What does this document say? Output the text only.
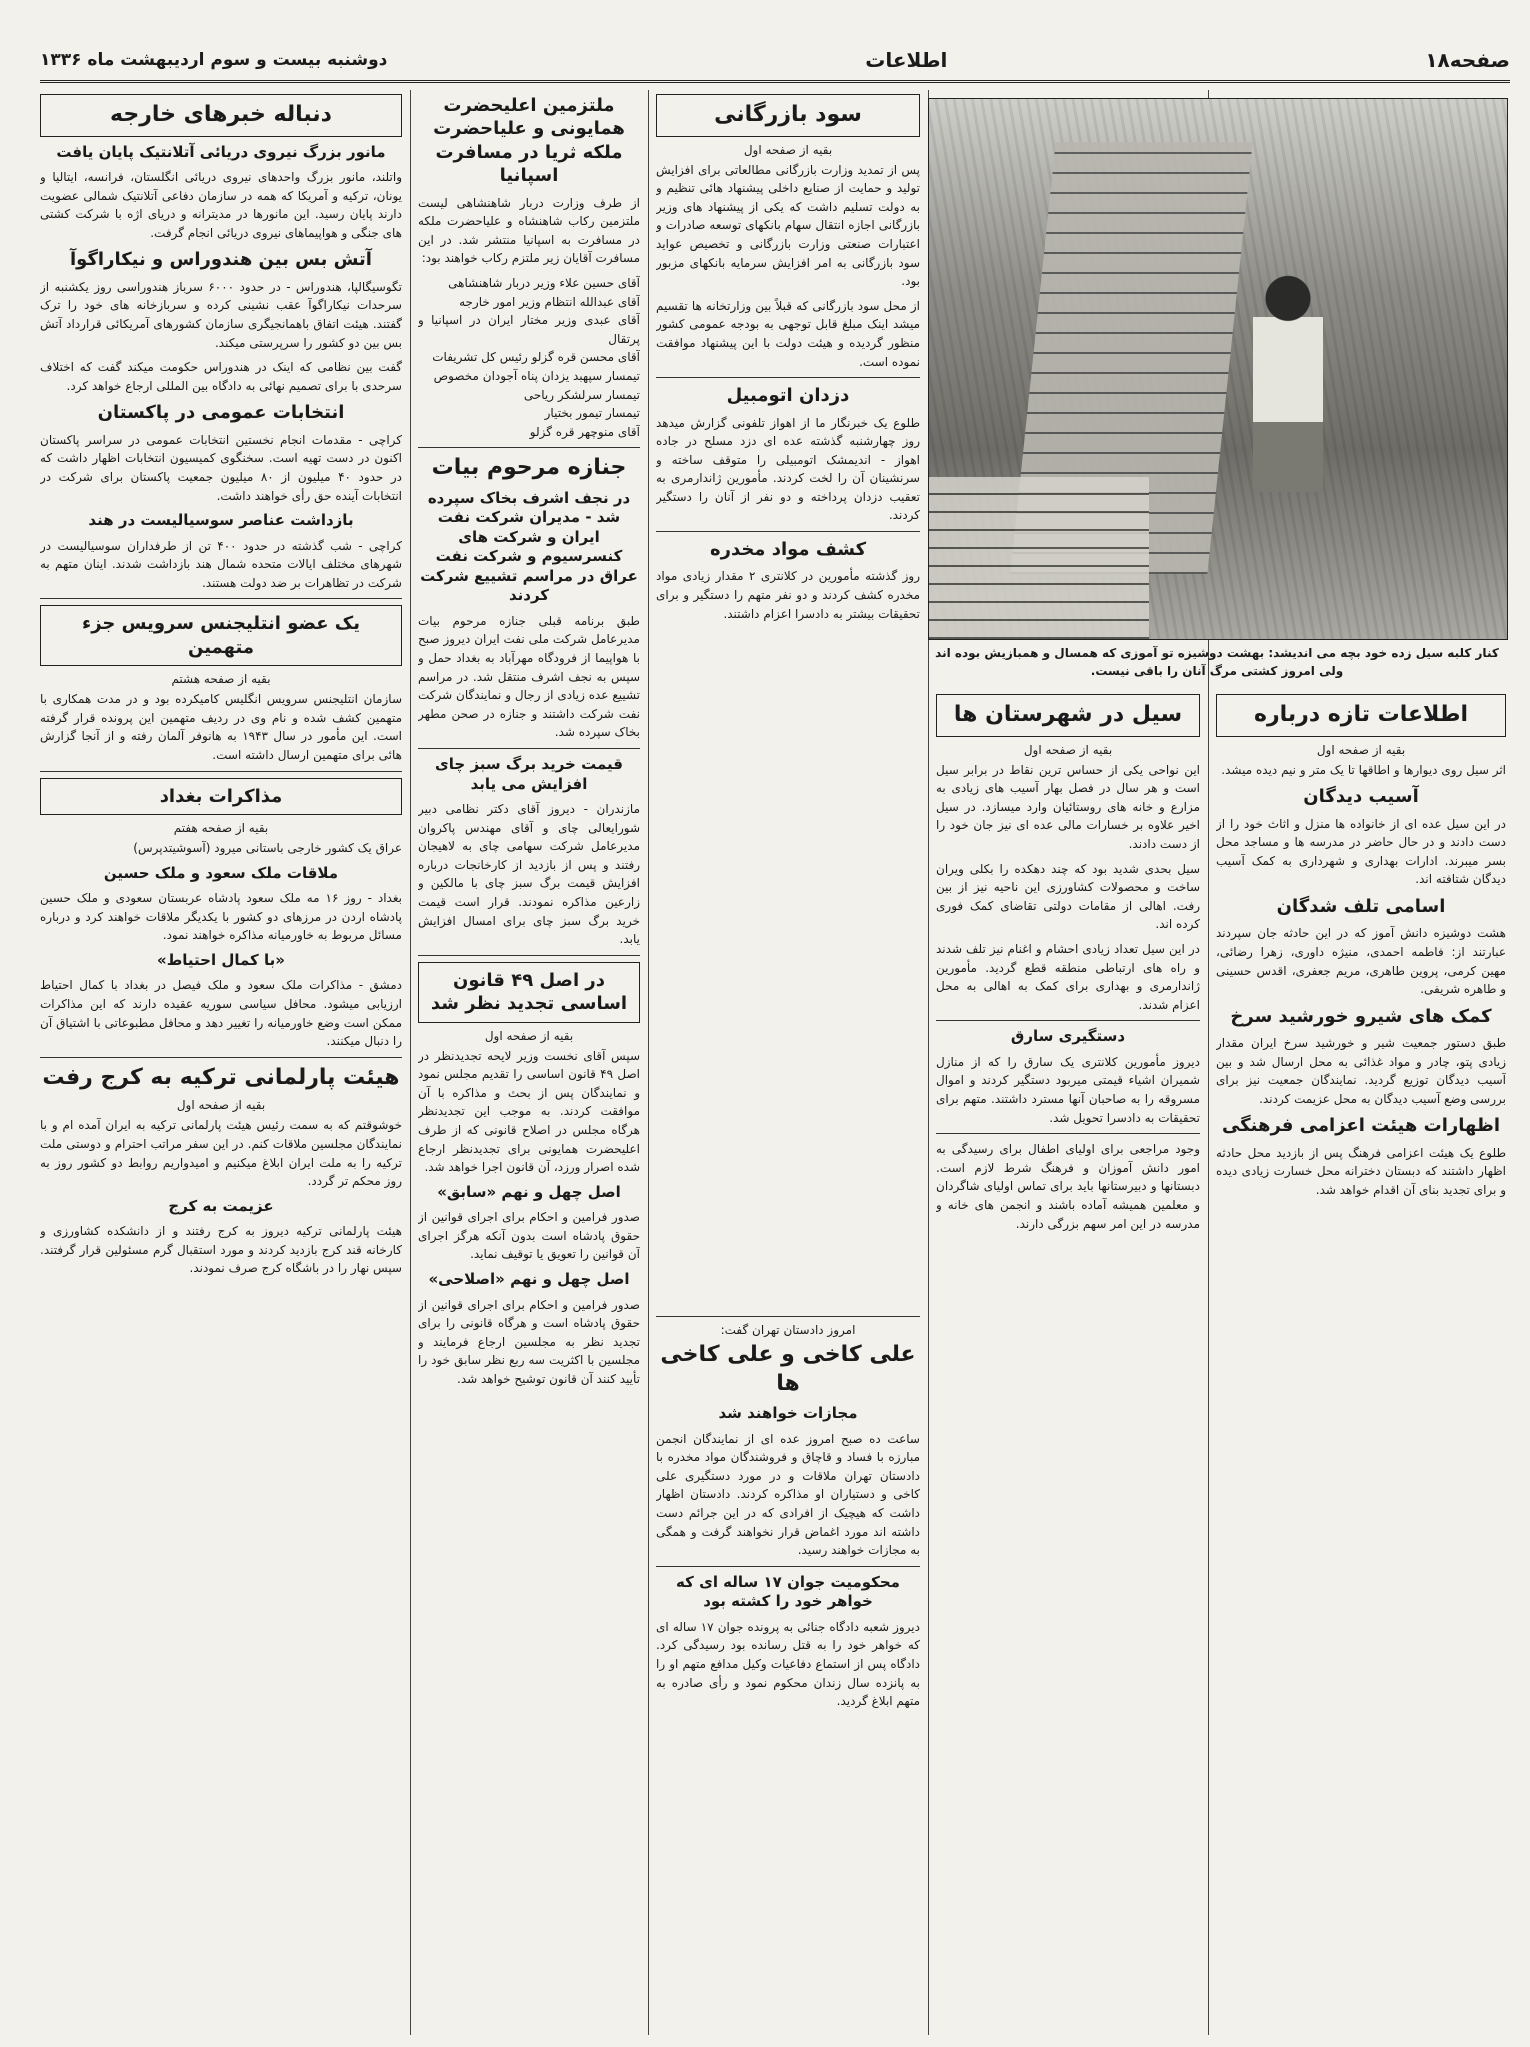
صفحه۱۸
اطلاعات
دوشنبه بیست و سوم اردیبهشت ماه ۱۳۳۶
کنار کلبه سیل زده خود بچه می اندیشد: بهشت دوشیزه تو آموزی که همسال و همبازیش بوده اند ولی امروز کشتی مرگ آنان را باقی نیست.
اطلاعات تازه درباره
بقیه از صفحه اول

اثر سیل روی دیوارها و اطاقها تا یک متر و نیم دیده میشد.

آسیب دیدگان

در این سیل عده ای از خانواده ها منزل و اثاث خود را از دست دادند و در حال حاضر در مدرسه ها و مساجد محل بسر میبرند. ادارات بهداری و شهرداری به کمک آسیب دیدگان شتافته اند.

اسامی تلف شدگان

هشت دوشیزه دانش آموز که در این حادثه جان سپردند عبارتند از: فاطمه احمدی، منیژه داوری، زهرا رضائی، مهین کرمی، پروین طاهری، مریم جعفری، اقدس حسینی و طاهره شریفی.

کمک های شیرو خورشید سرخ

طبق دستور جمعیت شیر و خورشید سرخ ایران مقدار زیادی پتو، چادر و مواد غذائی به محل ارسال شد و بین آسیب دیدگان توزیع گردید. نمایندگان جمعیت نیز برای بررسی وضع آسیب دیدگان به محل عزیمت کردند.

اظهارات هیئت اعزامی فرهنگی

طلوع یک هیئت اعزامی فرهنگ پس از بازدید محل حادثه اظهار داشتند که دبستان دخترانه محل خسارت زیادی دیده و برای تجدید بنای آن اقدام خواهد شد.

سیل در شهرستان ها
بقیه از صفحه اول

این نواحی یکی از حساس ترین نقاط در برابر سیل است و هر سال در فصل بهار آسیب های زیادی به مزارع و خانه های روستائیان وارد میسازد. در سیل اخیر علاوه بر خسارات مالی عده ای نیز جان خود را از دست دادند.

سیل بحدی شدید بود که چند دهکده را بکلی ویران ساخت و محصولات کشاورزی این ناحیه نیز از بین رفت. اهالی از مقامات دولتی تقاضای کمک فوری کرده اند.

در این سیل تعداد زیادی احشام و اغنام نیز تلف شدند و راه های ارتباطی منطقه قطع گردید. مأمورین ژاندارمری و بهداری برای کمک به اهالی به محل اعزام شدند.

دستگیری سارق

دیروز مأمورین کلانتری یک سارق را که از منازل شمیران اشیاء قیمتی میربود دستگیر کردند و اموال مسروقه را به صاحبان آنها مسترد داشتند. متهم برای تحقیقات به دادسرا تحویل شد.

وجود مراجعی برای اولیای اطفال برای رسیدگی به امور دانش آموزان و فرهنگ شرط لازم است. دبستانها و دبیرستانها باید برای تماس اولیای شاگردان و معلمین همیشه آماده باشند و انجمن های خانه و مدرسه در این امر سهم بزرگی دارند.

سود بازرگانی
بقیه از صفحه اول

پس از تمدید وزارت بازرگانی مطالعاتی برای افزایش تولید و حمایت از صنایع داخلی پیشنهاد هائی تنظیم و به دولت تسلیم داشت که یکی از پیشنهاد های وزیر بازرگانی اجازه انتقال سهام بانکهای توسعه صادرات و اعتبارات صنعتی وزارت بازرگانی و تخصیص عواید سود بازرگانی به امر افزایش سرمایه بانکهای مزبور بود.

از محل سود بازرگانی که قبلاً بین وزارتخانه ها تقسیم میشد اینک مبلغ قابل توجهی به بودجه عمومی کشور منظور گردیده و هیئت دولت با این پیشنهاد موافقت نموده است.

دزدان اتومبیل

طلوع یک خبرنگار ما از اهواز تلفونی گزارش میدهد روز چهارشنبه گذشته عده ای دزد مسلح در جاده اهواز - اندیمشک اتومبیلی را متوقف ساخته و سرنشینان آن را لخت کردند. مأمورین ژاندارمری به تعقیب دزدان پرداخته و دو نفر از آنان را دستگیر کردند.

کشف مواد مخدره

روز گذشته مأمورین در کلانتری ۲ مقدار زیادی مواد مخدره کشف کردند و دو نفر متهم را دستگیر و برای تحقیقات بیشتر به دادسرا اعزام داشتند.

امروز دادستان تهران گفت:
علی کاخی و علی کاخی ها
مجازات خواهند شد

ساعت ده صبح امروز عده ای از نمایندگان انجمن مبارزه با فساد و قاچاق و فروشندگان مواد مخدره با دادستان تهران ملاقات و در مورد دستگیری علی کاخی و دستیاران او مذاکره کردند. دادستان اظهار داشت که هیچیک از افرادی که در این جرائم دست داشته اند مورد اغماض قرار نخواهند گرفت و همگی به مجازات خواهند رسید.

محکومیت جوان ۱۷ ساله ای که خواهر خود را کشته بود

دیروز شعبه دادگاه جنائی به پرونده جوان ۱۷ ساله ای که خواهر خود را به قتل رسانده بود رسیدگی کرد. دادگاه پس از استماع دفاعیات وکیل مدافع متهم او را به پانزده سال زندان محکوم نمود و رأی صادره به متهم ابلاغ گردید.

ملتزمین اعلیحضرت همایونی و علیاحضرت ملکه ثریا در مسافرت اسپانیا

از طرف وزارت دربار شاهنشاهی لیست ملتزمین رکاب شاهنشاه و علیاحضرت ملکه در مسافرت به اسپانیا منتشر شد. در این مسافرت آقایان زیر ملتزم رکاب خواهند بود:

آقای حسین علاء وزیر دربار شاهنشاهی
آقای عبدالله انتظام وزیر امور خارجه
آقای عبدی وزیر مختار ایران در اسپانیا و پرتقال
آقای محسن قره گزلو رئیس کل تشریفات
تیمسار سپهبد یزدان پناه آجودان مخصوص
تیمسار سرلشکر ریاحی
تیمسار تیمور بختیار
آقای منوچهر قره گزلو
جنازه مرحوم بیات
در نجف اشرف بخاک سپرده شد - مدیران شرکت نفت ایران و شرکت های کنسرسیوم و شرکت نفت عراق در مراسم تشییع شرکت کردند

طبق برنامه قبلی جنازه مرحوم بیات مدیرعامل شرکت ملی نفت ایران دیروز صبح با هواپیما از فرودگاه مهرآباد به بغداد حمل و سپس به نجف اشرف منتقل شد. در مراسم تشییع عده زیادی از رجال و نمایندگان شرکت نفت شرکت داشتند و جنازه در صحن مطهر بخاک سپرده شد.

قیمت خرید برگ سبز چای افزایش می یابد

مازندران - دیروز آقای دکتر نظامی دبیر شورایعالی چای و آقای مهندس پاکروان مدیرعامل شرکت سهامی چای به لاهیجان رفتند و پس از بازدید از کارخانجات درباره افزایش قیمت برگ سبز چای با مالکین و زارعین مذاکره نمودند. قرار است قیمت خرید برگ سبز چای برای امسال افزایش یابد.

در اصل ۴۹ قانون اساسی تجدید نظر شد
بقیه از صفحه اول

سپس آقای نخست وزیر لایحه تجدیدنظر در اصل ۴۹ قانون اساسی را تقدیم مجلس نمود و نمایندگان پس از بحث و مذاکره با آن موافقت کردند. به موجب این تجدیدنظر هرگاه مجلس در اصلاح قانونی که از طرف اعلیحضرت همایونی برای تجدیدنظر ارجاع شده اصرار ورزد، آن قانون اجرا خواهد شد.

اصل چهل و نهم «سابق»

صدور فرامین و احکام برای اجرای قوانین از حقوق پادشاه است بدون آنکه هرگز اجرای آن قوانین را تعویق یا توقیف نماید.

اصل چهل و نهم «اصلاحی»

صدور فرامین و احکام برای اجرای قوانین از حقوق پادشاه است و هرگاه قانونی را برای تجدید نظر به مجلسین ارجاع فرمایند و مجلسین با اکثریت سه ربع نظر سابق خود را تأیید کنند آن قانون توشیح خواهد شد.

دنباله خبرهای خارجه
مانور بزرگ نیروی دریائی آتلانتیک پایان یافت

واتلند، مانور بزرگ واحدهای نیروی دریائی انگلستان، فرانسه، ایتالیا و یونان، ترکیه و آمریکا که همه در سازمان دفاعی آتلانتیک شمالی عضویت دارند پایان رسید. این مانورها در مدیترانه و دریای اژه با شرکت کشتی های جنگی و هواپیماهای نیروی دریائی انجام گرفت.

آتش بس بین هندوراس و نیکاراگوآ

تگوسیگالپا، هندوراس - در حدود ۶۰۰۰ سرباز هندوراسی روز یکشنبه از سرحدات نیکاراگوآ عقب نشینی کرده و سربازخانه های خود را ترک گفتند. هیئت اتفاق باهمانجیگری سازمان کشورهای آمریکائی قرارداد آتش بس بین دو کشور را سرپرستی میکند.

گفت بین نظامی که اینک در هندوراس حکومت میکند گفت که اختلاف سرحدی با برای تصمیم نهائی به دادگاه بین المللی ارجاع خواهد کرد.

انتخابات عمومی در پاکستان

کراچی - مقدمات انجام نخستین انتخابات عمومی در سراسر پاکستان اکنون در دست تهیه است. سخنگوی کمیسیون انتخابات اظهار داشت که در حدود ۴۰ میلیون از ۸۰ میلیون جمعیت پاکستان برای شرکت در انتخابات آینده حق رأی خواهند داشت.

بازداشت عناصر سوسیالیست در هند

کراچی - شب گذشته در حدود ۴۰۰ تن از طرفداران سوسیالیست در شهرهای مختلف ایالات متحده شمال هند بازداشت شدند. اینان متهم به شرکت در تظاهرات بر ضد دولت هستند.

یک عضو انتلیجنس سرویس جزء متهمین
بقیه از صفحه هشتم

سازمان انتلیجنس سرویس انگلیس کامیکرده بود و در مدت همکاری با متهمین کشف شده و نام وی در ردیف متهمین این پرونده قرار گرفته است. این مأمور در سال ۱۹۴۳ به هانوفر آلمان رفته و از آنجا گزارش هائی برای متهمین ارسال داشته است.

مذاکرات بغداد
بقیه از صفحه هفتم

عراق یک کشور خارجی باستانی میرود (آسوشیتدپرس)

ملاقات ملک سعود و ملک حسین

بغداد - روز ۱۶ مه ملک سعود پادشاه عربستان سعودی و ملک حسین پادشاه اردن در مرزهای دو کشور با یکدیگر ملاقات خواهند کرد و درباره مسائل مربوط به خاورمیانه مذاکره خواهند نمود.

«با کمال احتیاط»

دمشق - مذاکرات ملک سعود و ملک فیصل در بغداد با کمال احتیاط ارزیابی میشود. محافل سیاسی سوریه عقیده دارند که این مذاکرات ممکن است وضع خاورمیانه را تغییر دهد و محافل مطبوعاتی با اشتیاق آن را دنبال میکنند.

هیئت پارلمانی ترکیه به کرج رفت
بقیه از صفحه اول

خوشوقتم که به سمت رئیس هیئت پارلمانی ترکیه به ایران آمده ام و با نمایندگان مجلسین ملاقات کنم. در این سفر مراتب احترام و دوستی ملت ترکیه را به ملت ایران ابلاغ میکنیم و امیدواریم روابط دو کشور روز به روز محکم تر گردد.

عزیمت به کرج

هیئت پارلمانی ترکیه دیروز به کرج رفتند و از دانشکده کشاورزی و کارخانه قند کرج بازدید کردند و مورد استقبال گرم مسئولین قرار گرفتند. سپس نهار را در باشگاه کرج صرف نمودند.
